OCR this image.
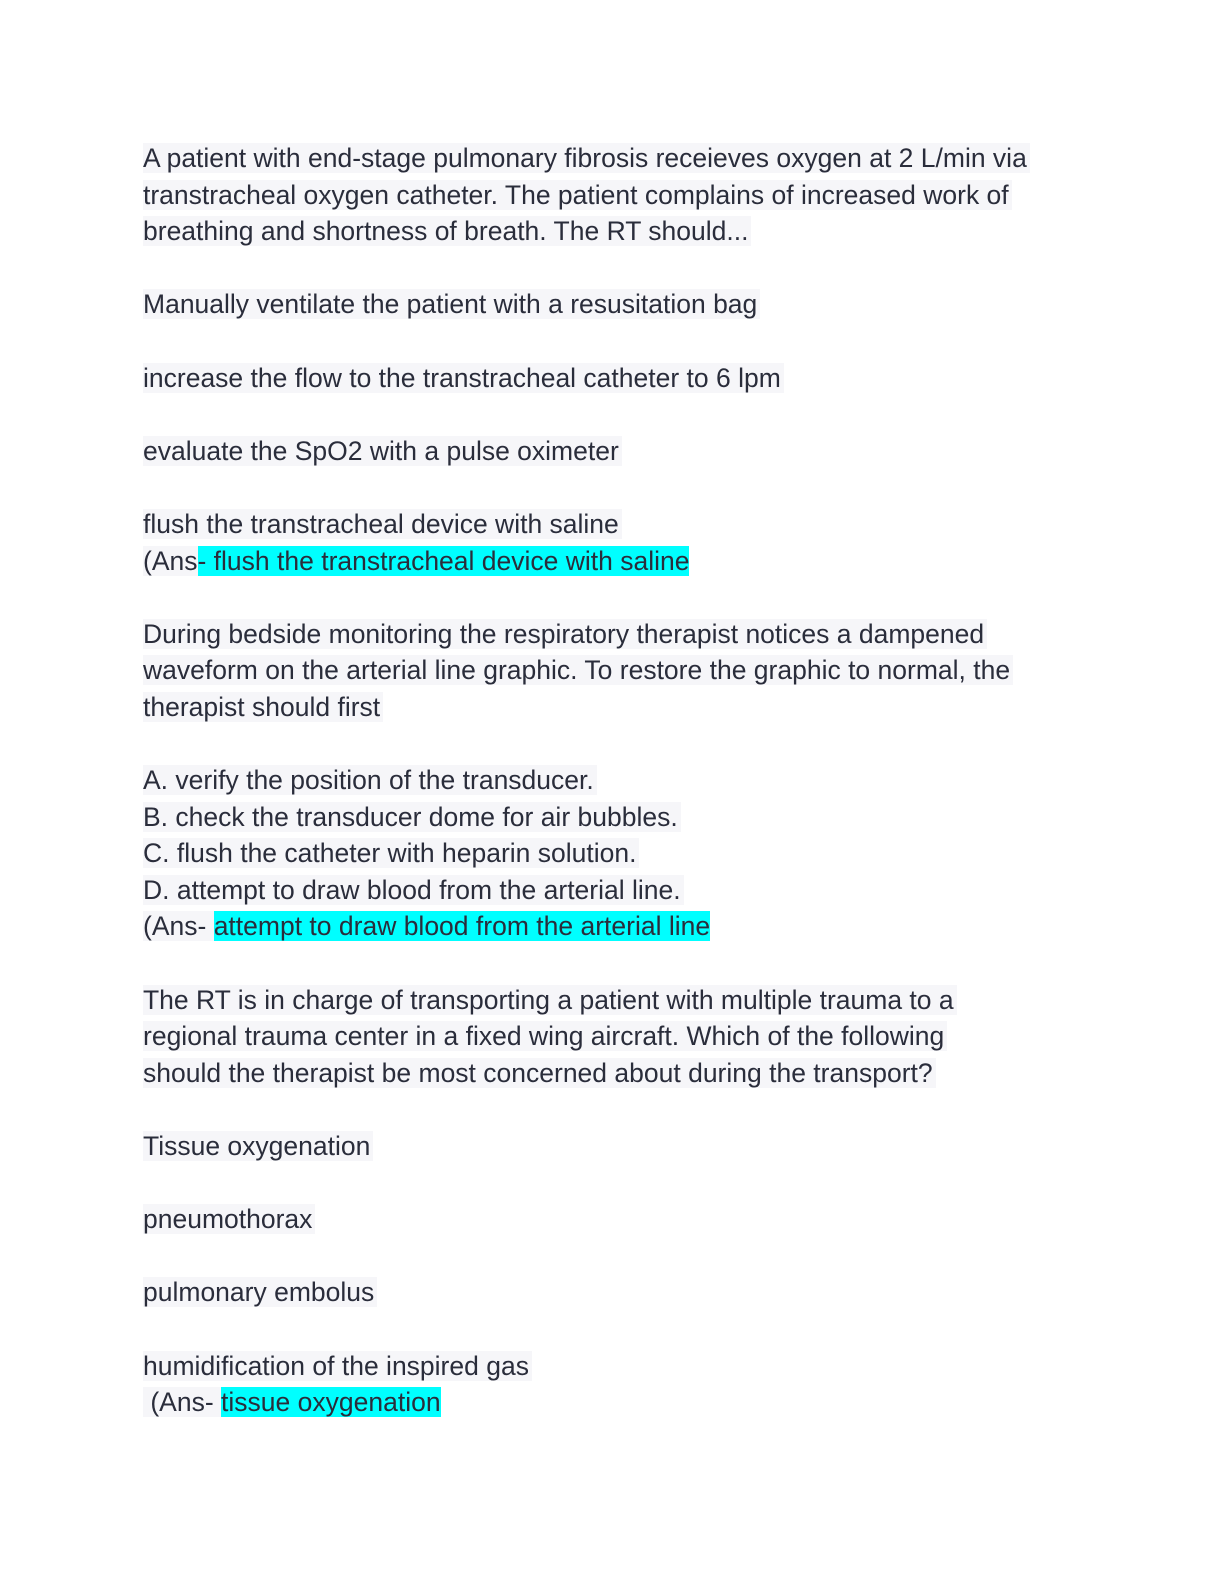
A patient with end-stage pulmonary fibrosis receieves oxygen at 2 L/min via
transtracheal oxygen catheter. The patient complains of increased work of
breathing and shortness of breath. The RT should...
Manually ventilate the patient with a resusitation bag
increase the flow to the transtracheal catheter to 6 lpm
evaluate the SpO2 with a pulse oximeter
flush the transtracheal device with saline
(Ans- flush the transtracheal device with saline
During bedside monitoring the respiratory therapist notices a dampened
waveform on the arterial line graphic. To restore the graphic to normal, the
therapist should first
A. verify the position of the transducer.
B. check the transducer dome for air bubbles.
C. flush the catheter with heparin solution.
D. attempt to draw blood from the arterial line.
(Ans- attempt to draw blood from the arterial line
The RT is in charge of transporting a patient with multiple trauma to a
regional trauma center in a fixed wing aircraft. Which of the following
should the therapist be most concerned about during the transport?
Tissue oxygenation
pneumothorax
pulmonary embolus
humidification of the inspired gas
(Ans- tissue oxygenation
